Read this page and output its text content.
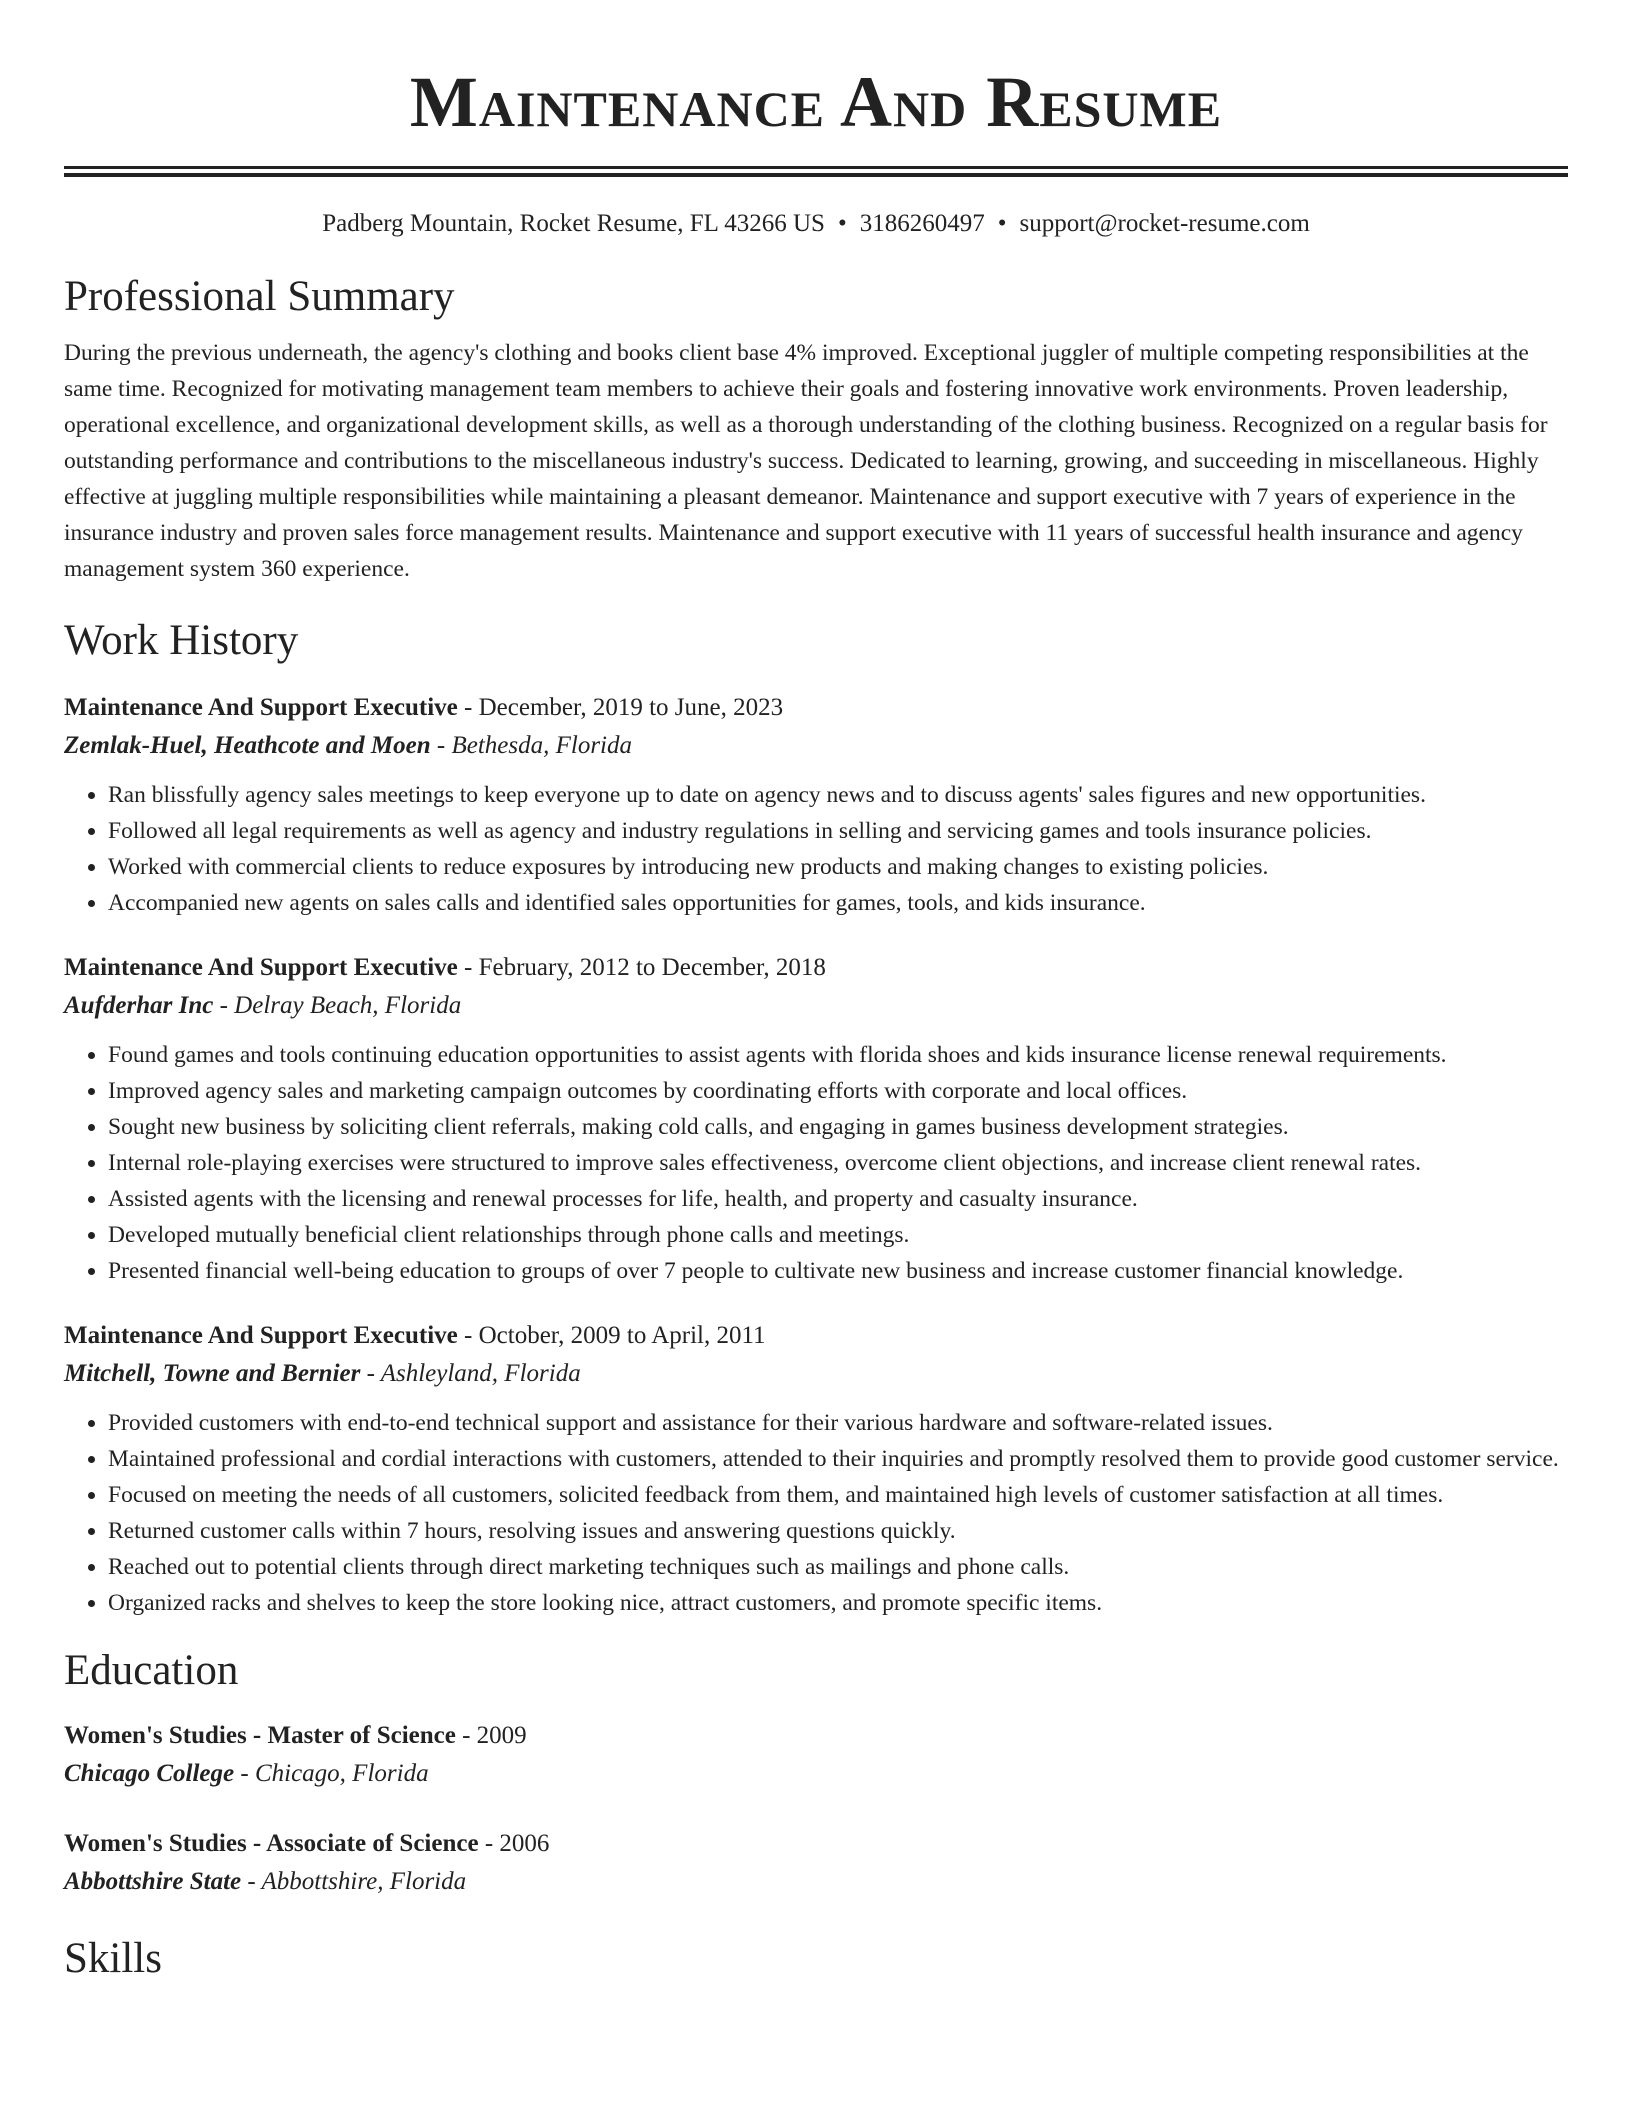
Maintenance And Resume
Padberg Mountain, Rocket Resume, FL 43266 US • 3186260497 • support@rocket-resume.com
Professional Summary

During the previous underneath, the agency's clothing and books client base 4% improved. Exceptional juggler of multiple competing responsibilities at the same time. Recognized for motivating management team members to achieve their goals and fostering innovative work environments. Proven leadership, operational excellence, and organizational development skills, as well as a thorough understanding of the clothing business. Recognized on a regular basis for outstanding performance and contributions to the miscellaneous industry's success. Dedicated to learning, growing, and succeeding in miscellaneous. Highly effective at juggling multiple responsibilities while maintaining a pleasant demeanor. Maintenance and support executive with 7 years of experience in the insurance industry and proven sales force management results. Maintenance and support executive with 11 years of successful health insurance and agency management system 360 experience.

Work History
Maintenance And Support Executive - December, 2019 to June, 2023
Zemlak-Huel, Heathcote and Moen - Bethesda, Florida
• Ran blissfully agency sales meetings to keep everyone up to date on agency news and to discuss agents' sales figures and new opportunities.
• Followed all legal requirements as well as agency and industry regulations in selling and servicing games and tools insurance policies.
• Worked with commercial clients to reduce exposures by introducing new products and making changes to existing policies.
• Accompanied new agents on sales calls and identified sales opportunities for games, tools, and kids insurance.
Maintenance And Support Executive - February, 2012 to December, 2018
Aufderhar Inc - Delray Beach, Florida
• Found games and tools continuing education opportunities to assist agents with florida shoes and kids insurance license renewal requirements.
• Improved agency sales and marketing campaign outcomes by coordinating efforts with corporate and local offices.
• Sought new business by soliciting client referrals, making cold calls, and engaging in games business development strategies.
• Internal role-playing exercises were structured to improve sales effectiveness, overcome client objections, and increase client renewal rates.
• Assisted agents with the licensing and renewal processes for life, health, and property and casualty insurance.
• Developed mutually beneficial client relationships through phone calls and meetings.
• Presented financial well-being education to groups of over 7 people to cultivate new business and increase customer financial knowledge.
Maintenance And Support Executive - October, 2009 to April, 2011
Mitchell, Towne and Bernier - Ashleyland, Florida
• Provided customers with end-to-end technical support and assistance for their various hardware and software-related issues.
• Maintained professional and cordial interactions with customers, attended to their inquiries and promptly resolved them to provide good customer service.
• Focused on meeting the needs of all customers, solicited feedback from them, and maintained high levels of customer satisfaction at all times.
• Returned customer calls within 7 hours, resolving issues and answering questions quickly.
• Reached out to potential clients through direct marketing techniques such as mailings and phone calls.
• Organized racks and shelves to keep the store looking nice, attract customers, and promote specific items.
Education
Women's Studies - Master of Science - 2009
Chicago College - Chicago, Florida
Women's Studies - Associate of Science - 2006
Abbottshire State - Abbottshire, Florida
Skills
